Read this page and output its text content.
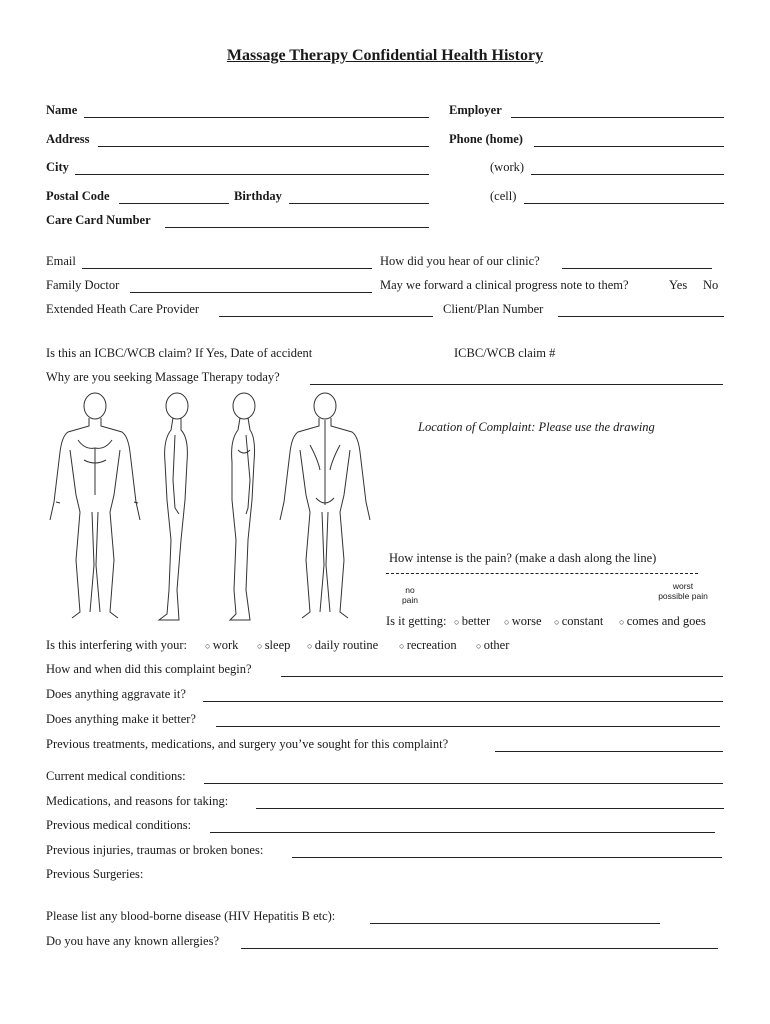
Massage Therapy Confidential Health History
Name
Address
City
Postal Code	Birthday
Care Card Number
Employer
Phone (home)
(work)
(cell)
Email	How did you hear of our clinic?
Family Doctor	May we forward a clinical progress note to them?	Yes No
Extended Heath Care Provider	Client/Plan Number
Is this an ICBC/WCB claim? If Yes, Date of accident	ICBC/WCB claim #
Why are you seeking Massage Therapy today?
Location of Complaint: Please use the drawing
How intense is the pain? (make a dash along the line)
no
pain
worst
possible pain
Is it getting:	○ better	○ worse	○ constant	○ comes and goes
Is this interfering with your:	○ work	○ sleep	○ daily routine	○ recreation	○ other
How and when did this complaint begin?
Does anything aggravate it?
Does anything make it better?
Previous treatments, medications, and surgery you’ve sought for this complaint?
Current medical conditions:
Medications, and reasons for taking:
Previous medical conditions:
Previous injuries, traumas or broken bones:
Previous Surgeries:
Please list any blood-borne disease (HIV Hepatitis B etc):
Do you have any known allergies?
